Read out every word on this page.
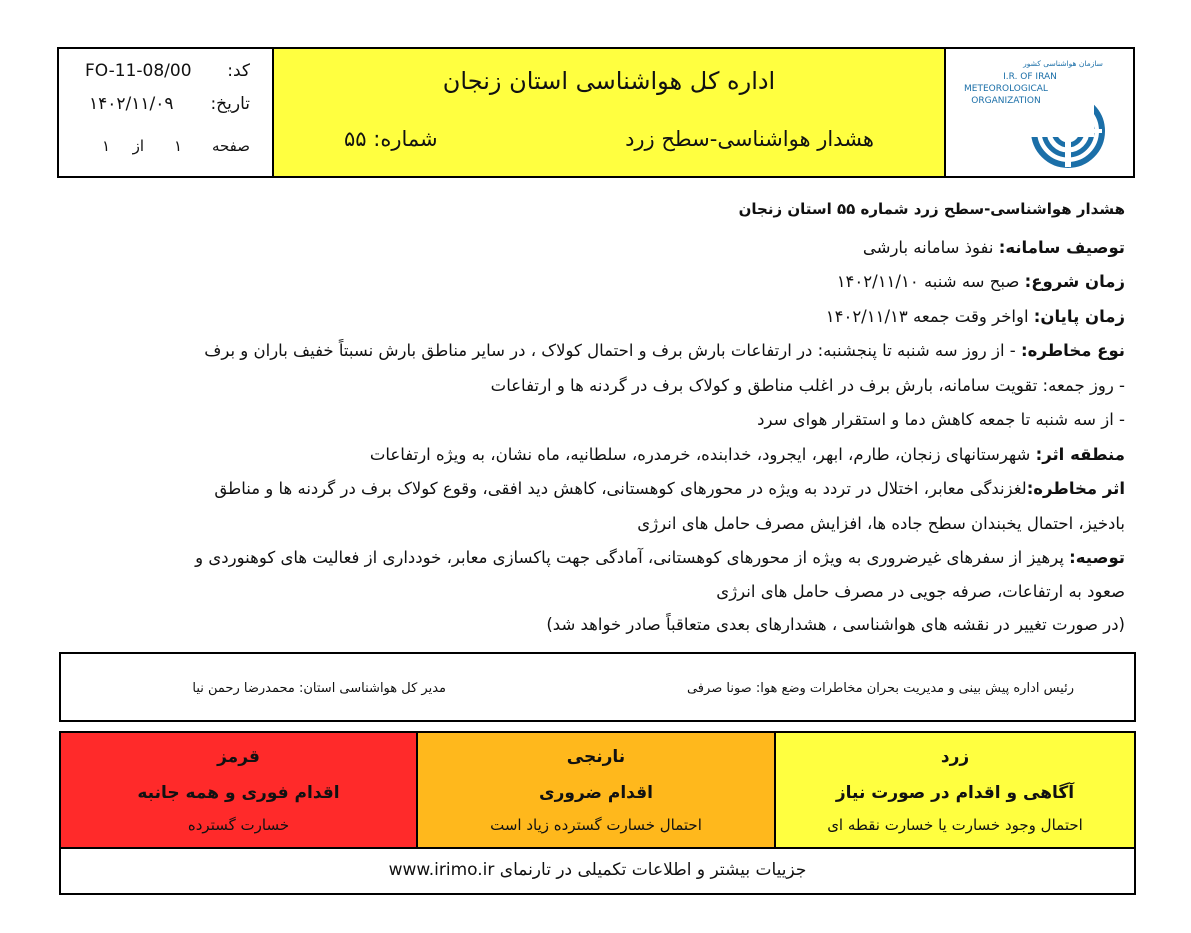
کد:
FO-11-08/00
تاریخ:
۱۴۰۲/۱۱/۰۹
صفحه
۱
از
۱
اداره کل هواشناسی استان زنجان
هشدار هواشناسی-سطح زرد
شماره: ۵۵
سازمان هواشناسی کشور
I.R. OF IRAN
METEOROLOGICAL
ORGANIZATION
هشدار هواشناسی-سطح زرد شماره ۵۵ استان زنجان
توصیف سامانه: نفوذ سامانه بارشی
زمان شروع: صبح سه شنبه ۱۴۰۲/۱۱/۱۰
زمان پایان: اواخر وقت جمعه ۱۴۰۲/۱۱/۱۳
نوع مخاطره: - از روز سه شنبه تا پنجشنبه: در ارتفاعات بارش برف و احتمال کولاک ، در سایر مناطق بارش نسبتاً خفیف باران و برف
- روز جمعه: تقویت سامانه، بارش برف در اغلب مناطق و کولاک برف در گردنه ها و ارتفاعات
- از سه شنبه تا جمعه کاهش دما و استقرار هوای سرد
منطقه اثر: شهرستانهای زنجان، طارم، ابهر، ایجرود، خدابنده، خرمدره، سلطانیه، ماه نشان، به ویژه ارتفاعات
اثر مخاطره:لغزندگی معابر، اختلال در تردد به ویژه در محورهای کوهستانی، کاهش دید افقی، وقوع کولاک برف در گردنه ها و مناطق
بادخیز، احتمال یخبندان سطح جاده ها، افزایش مصرف حامل های انرژی
توصیه: پرهیز از سفرهای غیرضروری به ویژه از محورهای کوهستانی، آمادگی جهت پاکسازی معابر، خودداری از فعالیت های کوهنوردی و
صعود به ارتفاعات، صرفه جویی در مصرف حامل های انرژی
(در صورت تغییر در نقشه های هواشناسی ، هشدارهای بعدی متعاقباً صادر خواهد شد)
رئیس اداره پیش بینی و مدیریت بحران مخاطرات وضع هوا: صونا صرفی
مدیر کل هواشناسی استان: محمدرضا رحمن نیا
قرمز
اقدام فوری و همه جانبه
خسارت گسترده
نارنجی
اقدام ضروری
احتمال خسارت گسترده زیاد است
زرد
آگاهی و اقدام در صورت نیاز
احتمال وجود خسارت یا خسارت نقطه ای
جزییات بیشتر و اطلاعات تکمیلی در تارنمای www.irimo.ir
